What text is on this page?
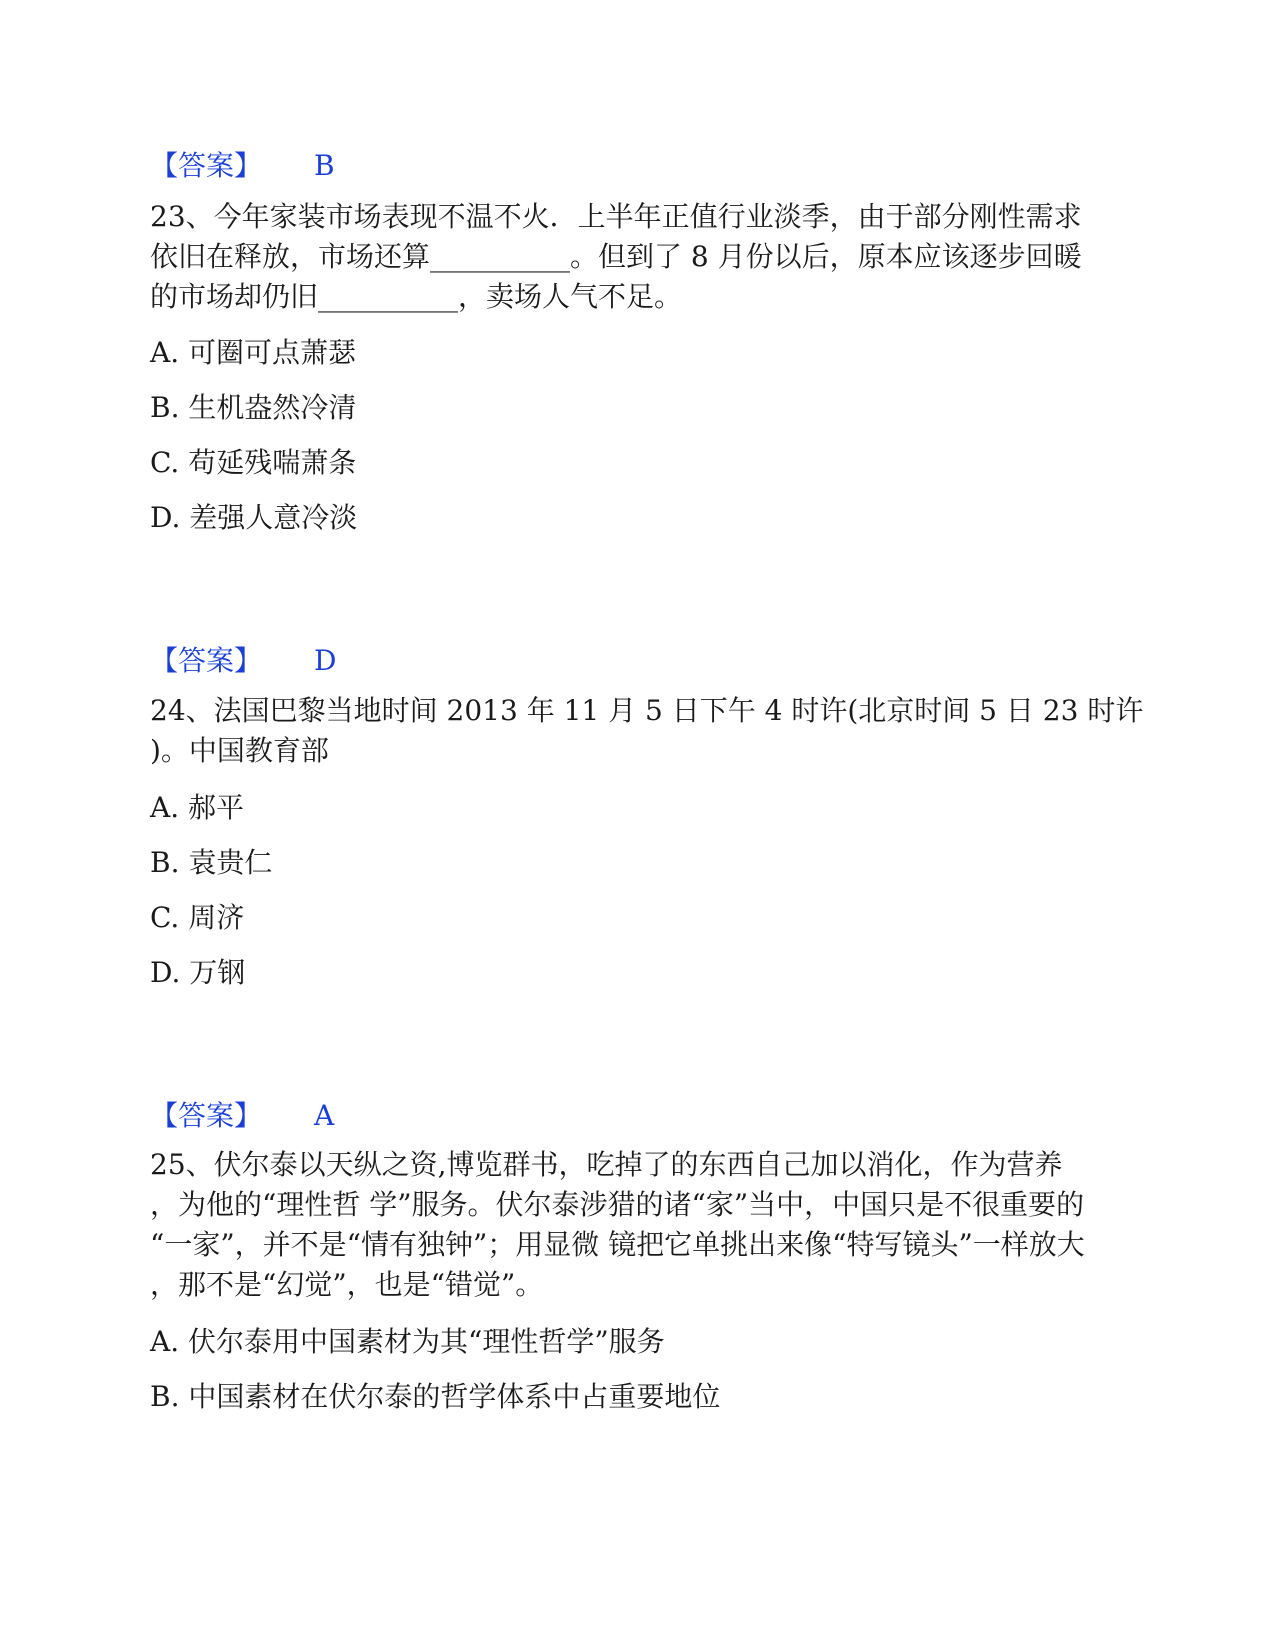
【答案】 B
23、今年家装市场表现不温不火．上半年正值行业淡季，由于部分刚性需求
依旧在释放，市场还算__________。但到了 8 月份以后，原本应该逐步回暖
的市场却仍旧__________，卖场人气不足。
A. 可圈可点萧瑟
B. 生机盎然冷清
C. 苟延残喘萧条
D. 差强人意冷淡
【答案】 D
24、法国巴黎当地时间 2013 年 11 月 5 日下午 4 时许(北京时间 5 日 23 时许
)。中国教育部
A. 郝平
B. 袁贵仁
C. 周济
D. 万钢
【答案】 A
25、伏尔泰以天纵之资,博览群书，吃掉了的东西自己加以消化，作为营养
，为他的“理性哲 学”服务。伏尔泰涉猎的诸“家”当中，中国只是不很重要的
“一家”，并不是“情有独钟”；用显微 镜把它单挑出来像“特写镜头”一样放大
，那不是“幻觉”，也是“错觉”。
A. 伏尔泰用中国素材为其“理性哲学”服务
B. 中国素材在伏尔泰的哲学体系中占重要地位
